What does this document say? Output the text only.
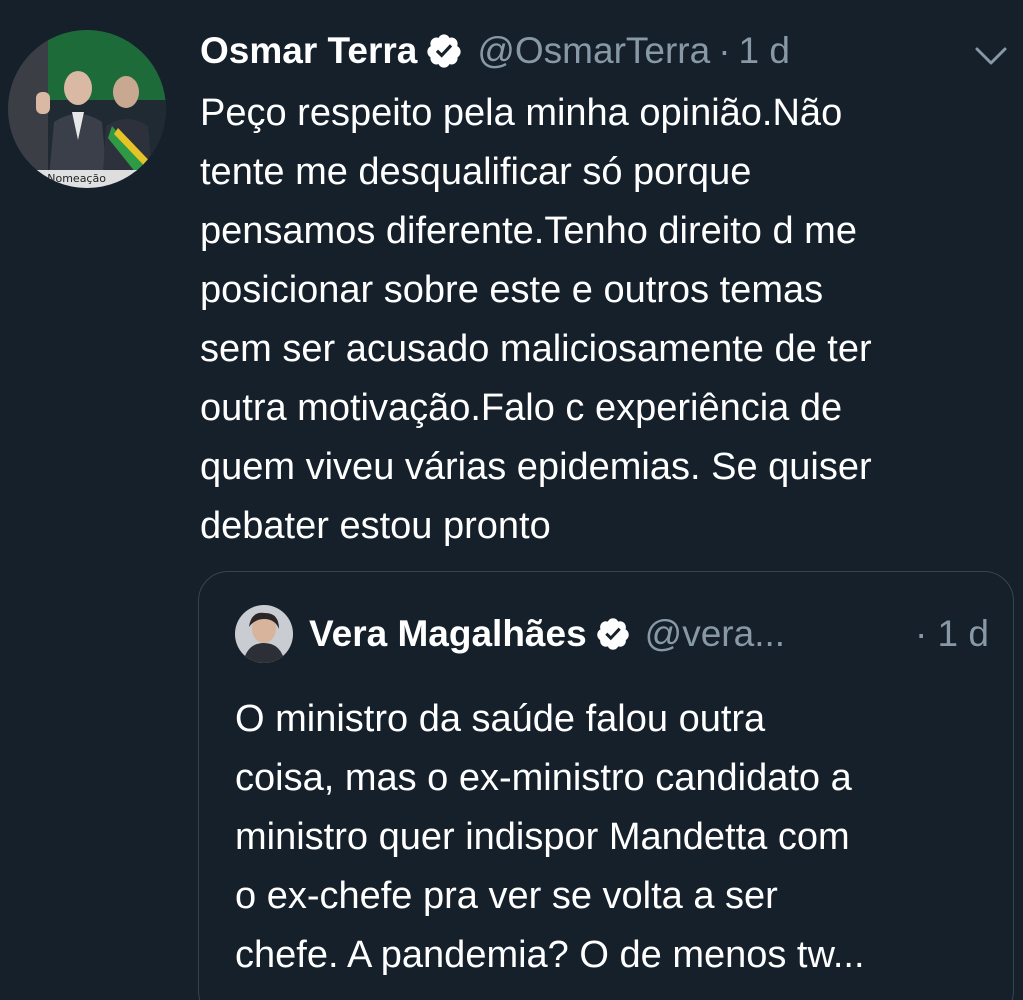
de Nomeação
Osmar Terra @OsmarTerra · 1 d
Peço respeito pela minha opinião.Não
tente me desqualificar só porque
pensamos diferente.Tenho direito d me
posicionar sobre este e outros temas
sem ser acusado maliciosamente de ter
outra motivação.Falo c experiência de
quem viveu várias epidemias. Se quiser
debater estou pronto
Vera Magalhães @vera...	· 1 d
O ministro da saúde falou outra
coisa, mas o ex-ministro candidato a
ministro quer indispor Mandetta com
o ex-chefe pra ver se volta a ser
chefe. A pandemia? O de menos tw...
